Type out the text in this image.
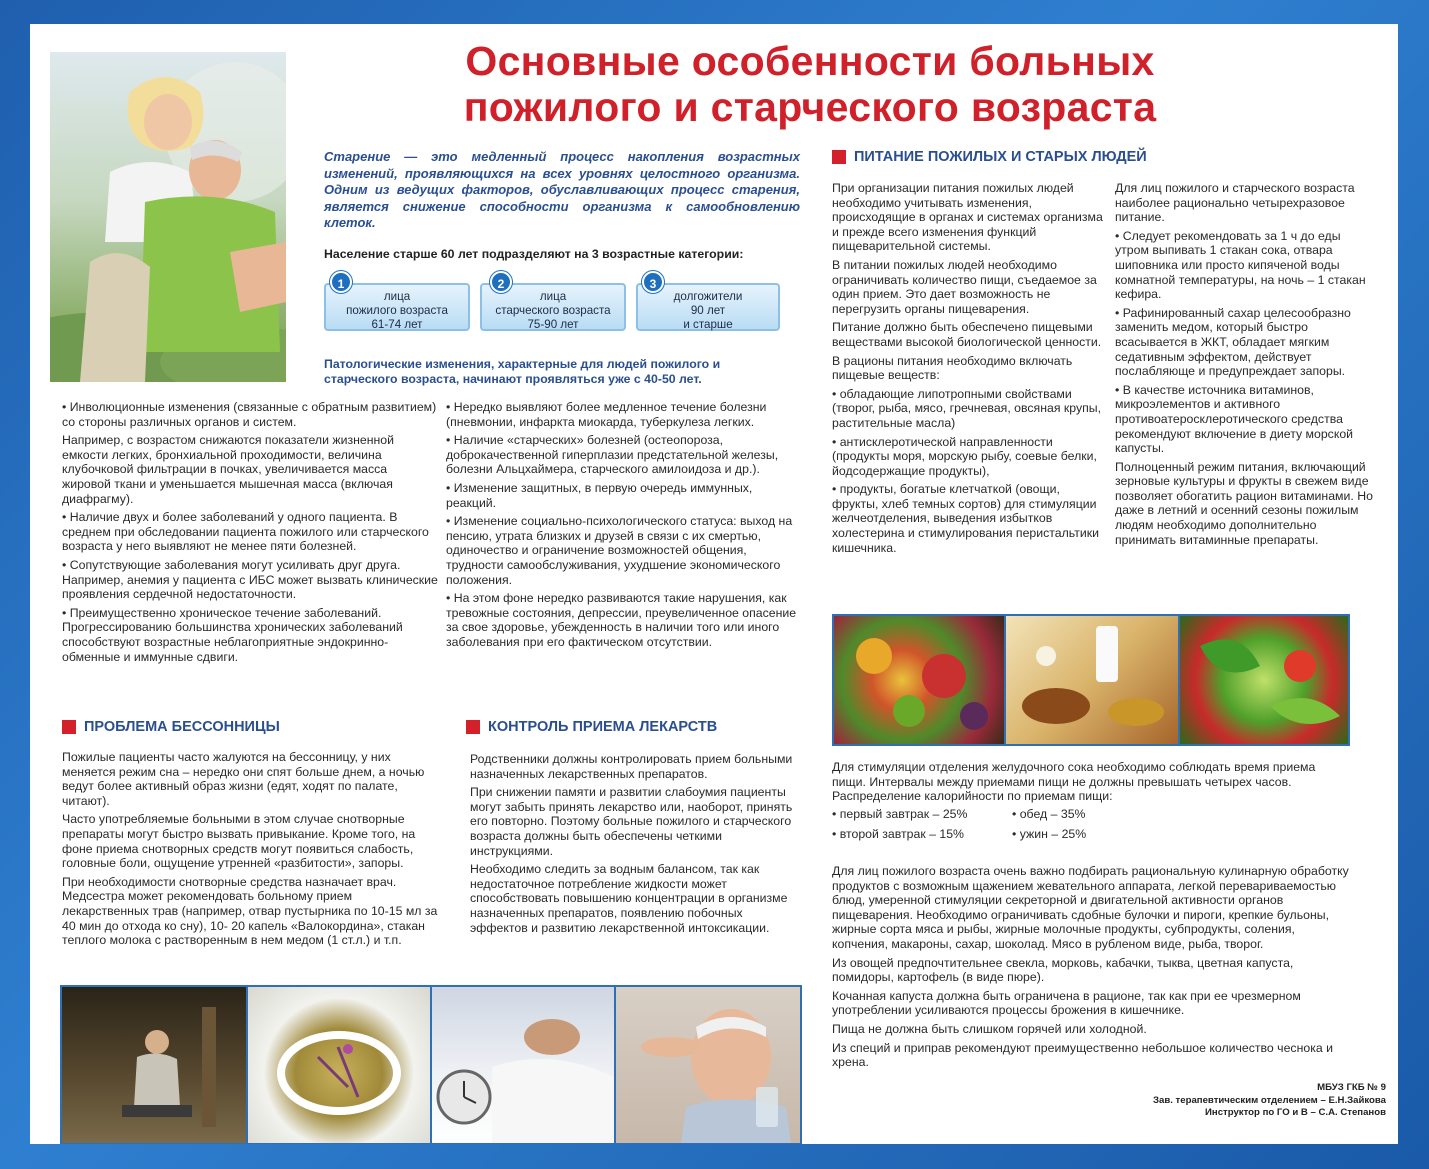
Основные особенности больных
пожилого и старческого возраста

Старение — это медленный процесс накопления возрастных изменений, проявляющихся на всех уровнях целостного организма. Одним из ведущих факторов, обуславливающих процесс старения, является снижение способности организма к самообновлению клеток.

Население старше 60 лет подразделяют на 3 возрастные категории:
1
лица
пожилого возраста
61-74 лет
2
лица
старческого возраста
75-90 лет
3
долгожители
90 лет
и старше
Патологические изменения, характерные для людей пожилого и старческого возраста, начинают проявляться уже с 40-50 лет.

• Инволюционные изменения (связанные с обратным развитием) со стороны различных органов и систем.

Например, с возрастом снижаются показатели жизненной емкости легких, бронхиальной проходимости, величина клубочковой фильтрации в почках, увеличивается масса жировой ткани и уменьшается мышечная масса (включая диафрагму).

• Наличие двух и более заболеваний у одного пациента. В среднем при обследовании пациента пожилого или старческого возраста у него выявляют не менее пяти болезней.

• Сопутствующие заболевания могут усиливать друг друга. Например, анемия у пациента с ИБС может вызвать клинические проявления сердечной недостаточности.

• Преимущественно хроническое течение заболеваний. Прогрессированию большинства хронических заболеваний способствуют возрастные неблагоприятные эндокринно-обменные и иммунные сдвиги.

• Нередко выявляют более медленное течение болезни (пневмонии, инфаркта миокарда, туберкулеза легких.

• Наличие «старческих» болезней (остеопороза, доброкачественной гиперплазии предстательной железы, болезни Альцхаймера, старческого амилоидоза и др.).

• Изменение защитных, в первую очередь иммунных, реакций.

• Изменение социально-психологического статуса: выход на пенсию, утрата близких и друзей в связи с их смертью, одиночество и ограничение возможностей общения, трудности самообслуживания, ухудшение экономического положения.

• На этом фоне нередко развиваются такие нарушения, как тревожные состояния, депрессии, преувеличенное опасение за свое здоровье, убежденность в наличии того или иного заболевания при его фактическом отсутствии.

ПРОБЛЕМА БЕССОННИЦЫ

Пожилые пациенты часто жалуются на бессонницу, у них меняется режим сна – нередко они спят больше днем, а ночью ведут более активный образ жизни (едят, ходят по палате, читают).

Часто употребляемые больными в этом случае снотворные препараты могут быстро вызвать привыкание. Кроме того, на фоне приема снотворных средств могут появиться слабость, головные боли, ощущение утренней «разбитости», запоры.

При необходимости снотворные средства назначает врач. Медсестра может рекомендовать больному прием лекарственных трав (например, отвар пустырника по 10-15 мл за 40 мин до отхода ко сну), 10- 20 капель «Валокордина», стакан теплого молока с растворенным в нем медом (1 ст.л.) и т.п.

КОНТРОЛЬ ПРИЕМА ЛЕКАРСТВ

Родственники должны контролировать прием больными назначенных лекарственных препаратов.

При снижении памяти и развитии слабоумия пациенты могут забыть принять лекарство или, наоборот, принять его повторно. Поэтому больные пожилого и старческого возраста должны быть обеспечены четкими инструкциями.

Необходимо следить за водным балансом, так как недостаточное потребление жидкости может способствовать повышению концентрации в организме назначенных препаратов, появлению побочных эффектов и развитию лекарственной интоксикации.

ПИТАНИЕ ПОЖИЛЫХ И СТАРЫХ ЛЮДЕЙ

При организации питания пожилых людей необходимо учитывать изменения, происходящие в органах и системах организма и прежде всего изменения функций пищеварительной системы.

В питании пожилых людей необходимо ограничивать количество пищи, съедаемое за один прием. Это дает возможность не перегрузить органы пищеварения.

Питание должно быть обеспечено пищевыми веществами высокой биологической ценности.

В рационы питания необходимо включать пищевые веществ:

• обладающие липотропными свойствами (творог, рыба, мясо, гречневая, овсяная крупы, растительные масла)

• антисклеротической направленности (продукты моря, морскую рыбу, соевые белки, йодсодержащие продукты),

• продукты, богатые клетчаткой (овощи, фрукты, хлеб темных сортов) для стимуляции желчеотделения, выведения избытков холестерина и стимулирования перистальтики кишечника.

Для лиц пожилого и старческого возраста наиболее рационально четырехразовое питание.

• Следует рекомендовать за 1 ч до еды утром выпивать 1 стакан сока, отвара шиповника или просто кипяченой воды комнатной температуры, на ночь – 1 стакан кефира.

• Рафинированный сахар целесообразно заменить медом, который быстро всасывается в ЖКТ, обладает мягким седативным эффектом, действует послабляюще и предупреждает запоры.

• В качестве источника витаминов, микроэлементов и активного противоатеросклеротического средства рекомендуют включение в диету морской капусты.

Полноценный режим питания, включающий зерновые культуры и фрукты в свежем виде позволяет обогатить рацион витаминами. Но даже в летний и осенний сезоны пожилым людям необходимо дополнительно принимать витаминные препараты.

Для стимуляции отделения желудочного сока необходимо соблюдать время приема пищи. Интервалы между приемами пищи не должны превышать четырех часов. Распределение калорийности по приемам пищи:

• первый завтрак – 25%	• обед – 35%
• второй завтрак – 15%	• ужин – 25%

Для лиц пожилого возраста очень важно подбирать рациональную кулинарную обработку продуктов с возможным щажением жевательного аппарата, легкой перевариваемостью блюд, умеренной стимуляции секреторной и двигательной активности органов пищеварения. Необходимо ограничивать сдобные булочки и пироги, крепкие бульоны, жирные сорта мяса и рыбы, жирные молочные продукты, субпродукты, соления, копчения, макароны, сахар, шоколад. Мясо в рубленом виде, рыба, творог.

Из овощей предпочтительнее свекла, морковь, кабачки, тыква, цветная капуста, помидоры, картофель (в виде пюре).

Кочанная капуста должна быть ограничена в рационе, так как при ее чрезмерном употреблении усиливаются процессы брожения в кишечнике.

Пища не должна быть слишком горячей или холодной.

Из специй и приправ рекомендуют преимущественно небольшое количество чеснока и хрена.

МБУЗ ГКБ № 9
Зав. терапевтическим отделением – Е.Н.Зайкова
Инструктор по ГО и В – С.А. Степанов
